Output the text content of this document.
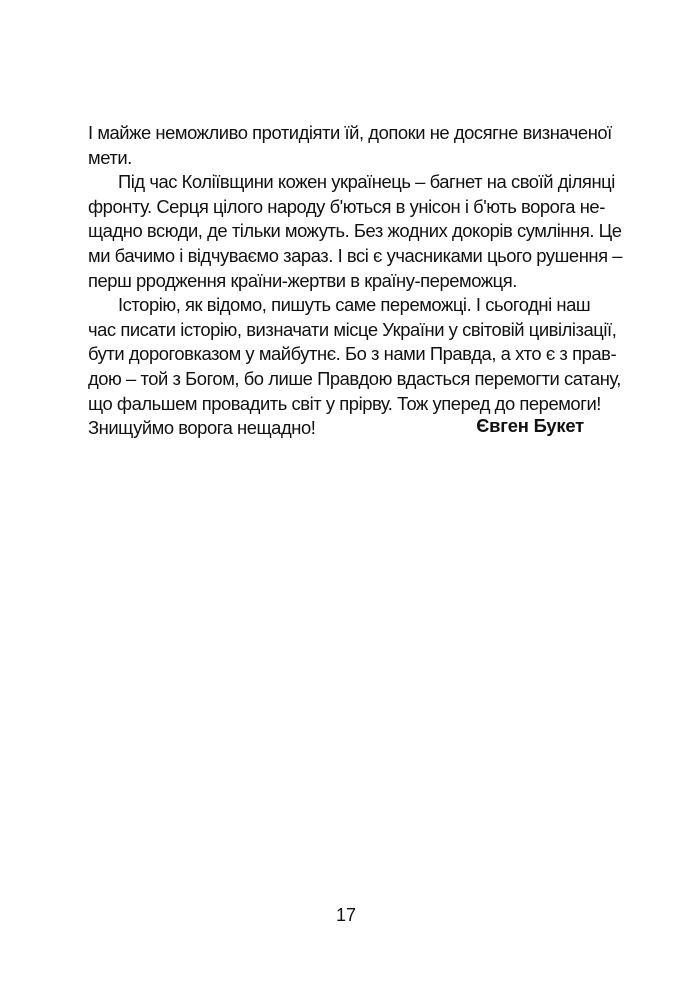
І майже неможливо протидіяти їй, допоки не досягне визначеної
мети.
Під час Коліївщини кожен українець – багнет на своїй ділянці
фронту. Серця цілого народу б'ються в унісон і б'ють ворога не-
щадно всюди, де тільки можуть. Без жодних докорів сумління. Це
ми бачимо і відчуваємо зараз. І всі є учасниками цього рушення –
перш рродження країни-жертви в країну-переможця.
Історію, як відомо, пишуть саме переможці. І сьогодні наш
час писати історію, визначати місце України у світовій цивілізації,
бути дороговказом у майбутнє. Бо з нами Правда, а хто є з прав-
дою – той з Богом, бо лише Правдою вдасться перемогти сатану,
що фальшем провадить світ у прірву. Тож уперед до перемоги!
Знищуймо ворога нещадно!	Євген Букет
17
